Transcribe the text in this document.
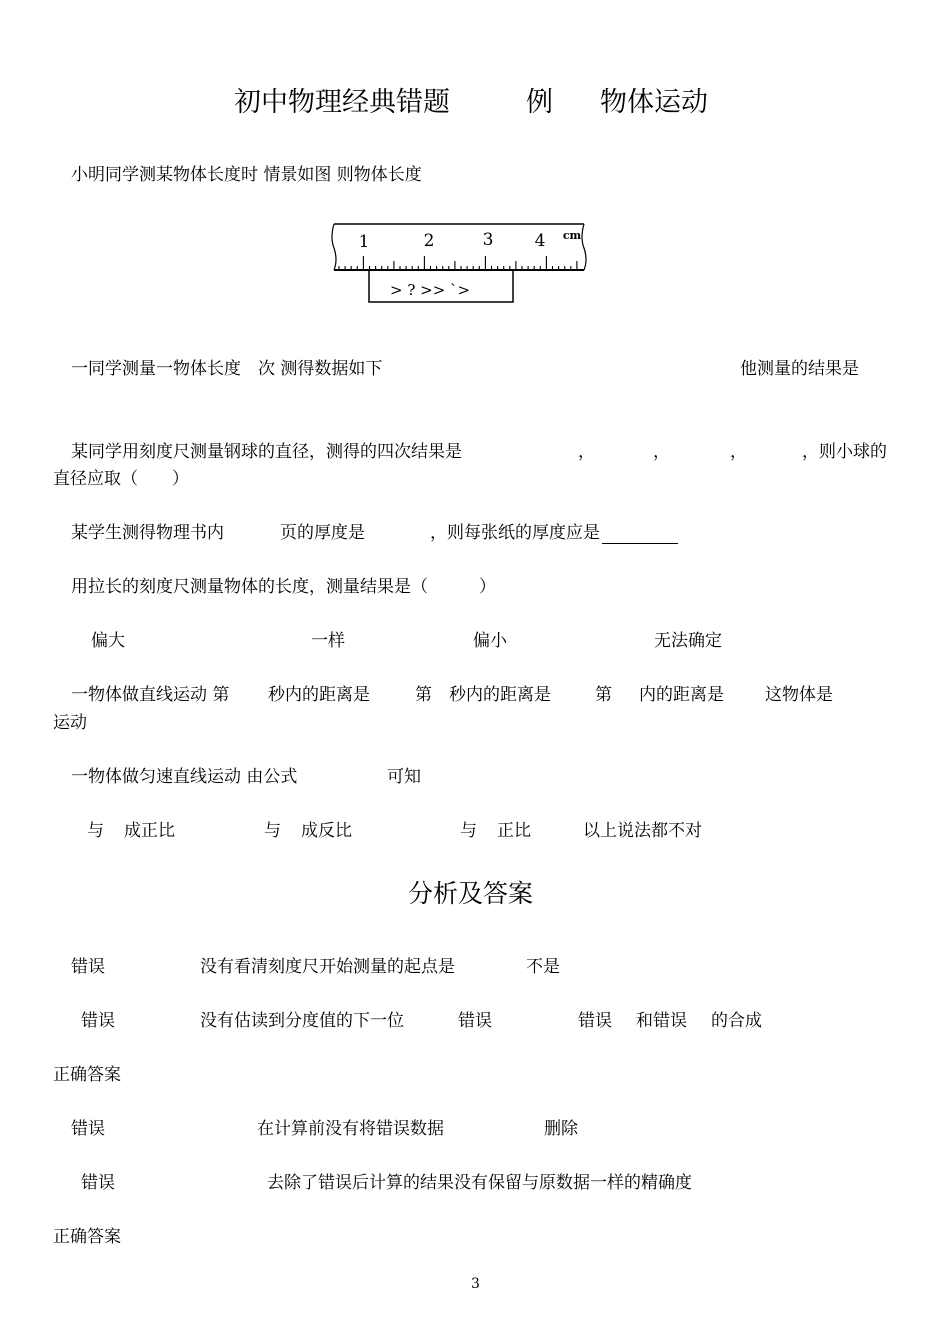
初中物理经典错题	例 物体运动
小明同学测某物体长度时 情景如图 则物体长度
1	2	3 4 cm
> ? >> `>
一同学测量一物体长度　次 测得数据如下	他测量的结果是
某同学用刻度尺测量钢球的直径，测得的四次结果是	，	，	，	，则小球的
直径应取（　　）
某学生测得物理书内	页的厚度是	，则每张纸的厚度应是
用拉长的刻度尺测量物体的长度，测量结果是（　　　）
偏大	一样	偏小	无法确定
一物体做直线运动 第 秒内的距离是	第 秒内的距离是	第 内的距离是 这物体是
运动
一物体做匀速直线运动 由公式	可知
与 成正比	与 成反比	与 正比	以上说法都不对
分析及答案
错误	没有看清刻度尺开始测量的起点是	不是
错误	没有估读到分度值的下一位	错误	错误 和错误 的合成
正确答案
错误	在计算前没有将错误数据	删除
错误	去除了错误后计算的结果没有保留与原数据一样的精确度
正确答案
3
